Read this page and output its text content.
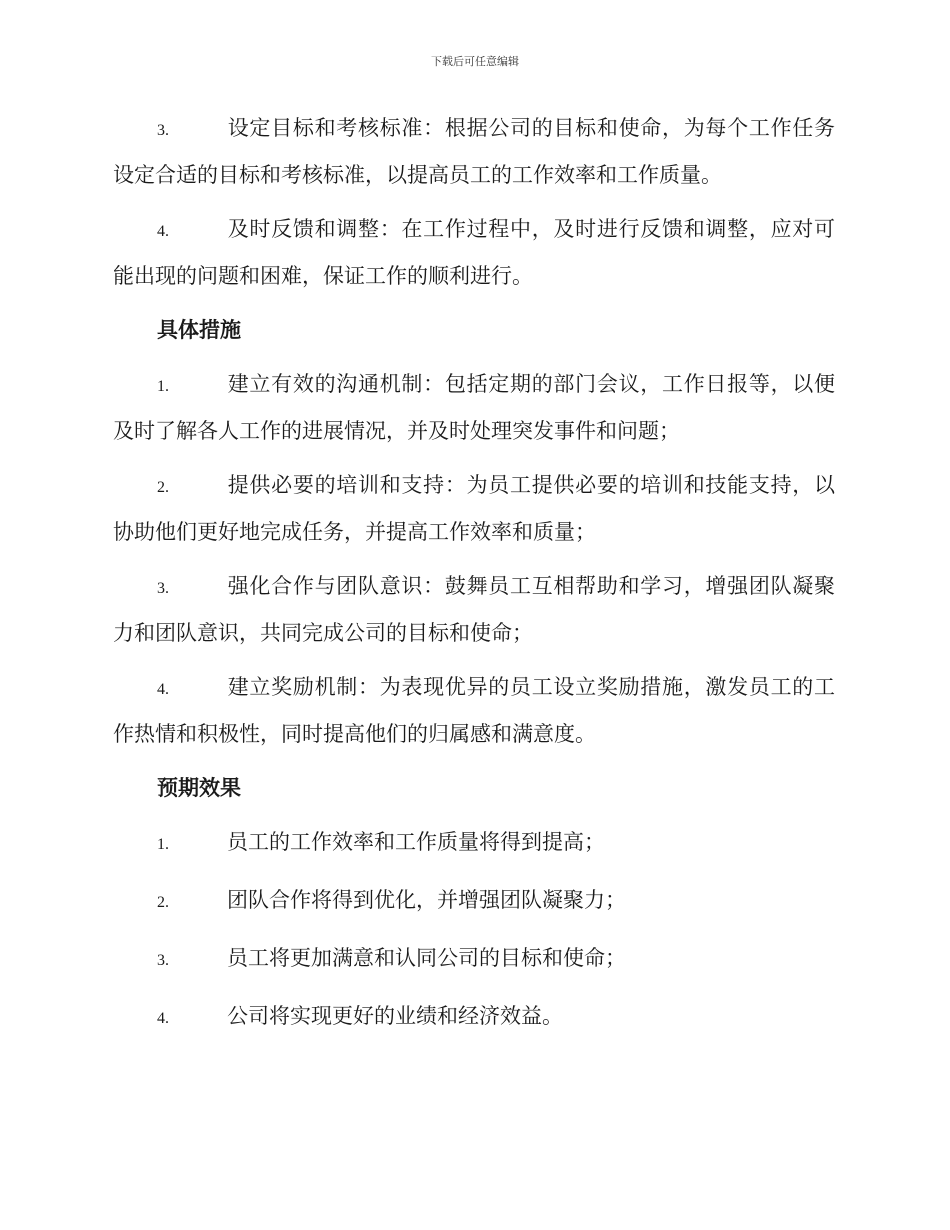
下载后可任意编辑

3.	设定目标和考核标准：根据公司的目标和使命，为每个工作任务设定合适的目标和考核标准，以提高员工的工作效率和工作质量。

4.	及时反馈和调整：在工作过程中，及时进行反馈和调整，应对可能出现的问题和困难，保证工作的顺利进行。

具体措施

1.	建立有效的沟通机制：包括定期的部门会议，工作日报等，以便及时了解各人工作的进展情况，并及时处理突发事件和问题；

2.	提供必要的培训和支持：为员工提供必要的培训和技能支持，以协助他们更好地完成任务，并提高工作效率和质量；

3.	强化合作与团队意识：鼓舞员工互相帮助和学习，增强团队凝聚力和团队意识，共同完成公司的目标和使命；

4.	建立奖励机制：为表现优异的员工设立奖励措施，激发员工的工作热情和积极性，同时提高他们的归属感和满意度。

预期效果

1.	员工的工作效率和工作质量将得到提高；

2.	团队合作将得到优化，并增强团队凝聚力；

3.	员工将更加满意和认同公司的目标和使命；

4.	公司将实现更好的业绩和经济效益。
